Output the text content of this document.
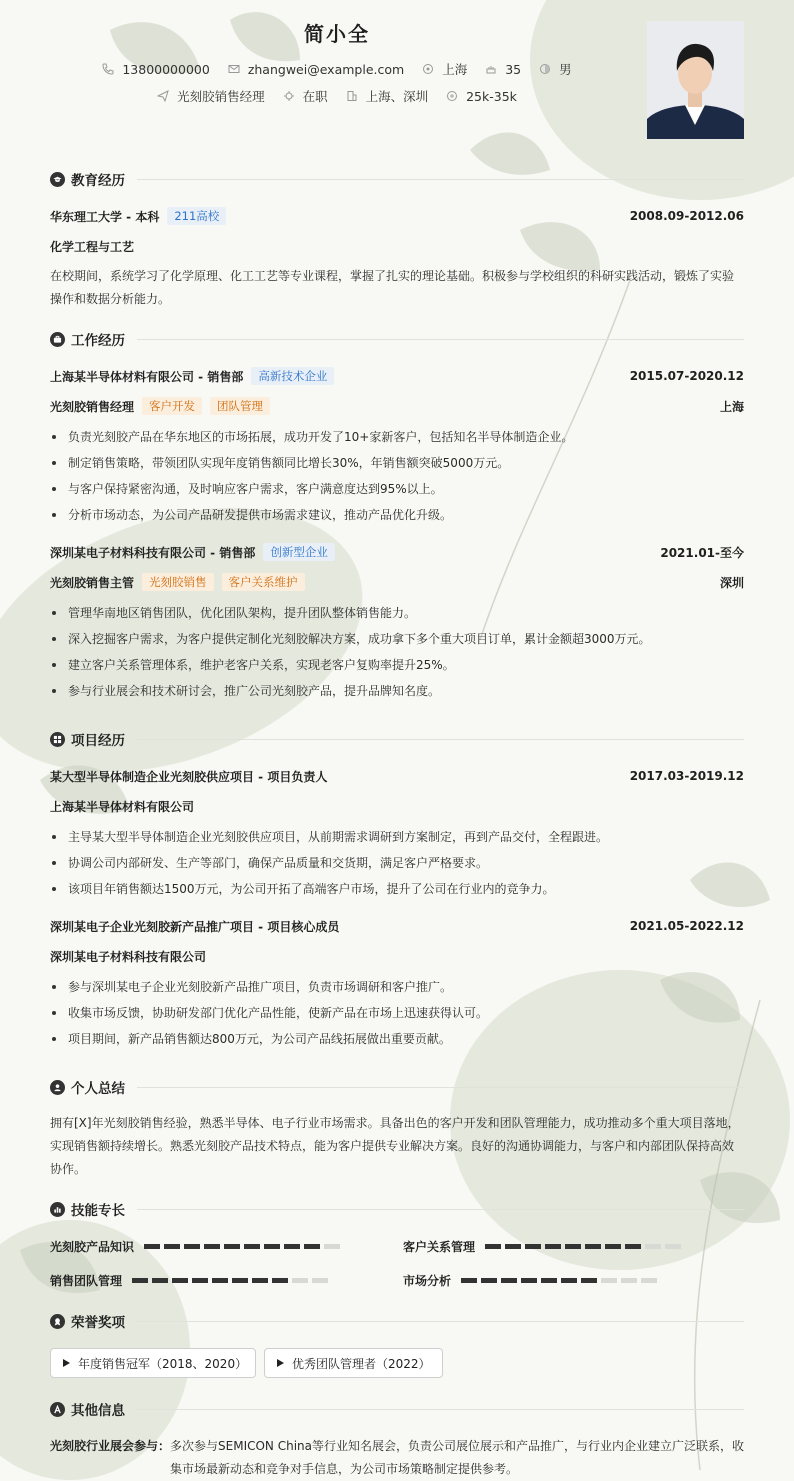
简小全
13800000000	zhangwei@example.com	上海	35	男
光刻胶销售经理	在职	上海、深圳	25k-35k
教育经历
华东理工大学 - 本科	211高校	2008.09-2012.06
化学工程与工艺
在校期间，系统学习了化学原理、化工工艺等专业课程，掌握了扎实的理论基础。积极参与学校组织的科研实践活动，锻炼了实验操作和数据分析能力。
工作经历
上海某半导体材料有限公司 - 销售部	高新技术企业	2015.07-2020.12
光刻胶销售经理	客户开发	团队管理	上海
负责光刻胶产品在华东地区的市场拓展，成功开发了10+家新客户，包括知名半导体制造企业。
制定销售策略，带领团队实现年度销售额同比增长30%，年销售额突破5000万元。
与客户保持紧密沟通，及时响应客户需求，客户满意度达到95%以上。
分析市场动态，为公司产品研发提供市场需求建议，推动产品优化升级。
深圳某电子材料科技有限公司 - 销售部	创新型企业	2021.01-至今
光刻胶销售主管	光刻胶销售	客户关系维护	深圳
管理华南地区销售团队，优化团队架构，提升团队整体销售能力。
深入挖掘客户需求，为客户提供定制化光刻胶解决方案，成功拿下多个重大项目订单，累计金额超3000万元。
建立客户关系管理体系，维护老客户关系，实现老客户复购率提升25%。
参与行业展会和技术研讨会，推广公司光刻胶产品，提升品牌知名度。
项目经历
某大型半导体制造企业光刻胶供应项目 - 项目负责人	2017.03-2019.12
上海某半导体材料有限公司
主导某大型半导体制造企业光刻胶供应项目，从前期需求调研到方案制定，再到产品交付，全程跟进。
协调公司内部研发、生产等部门，确保产品质量和交货期，满足客户严格要求。
该项目年销售额达1500万元，为公司开拓了高端客户市场，提升了公司在行业内的竞争力。
深圳某电子企业光刻胶新产品推广项目 - 项目核心成员	2021.05-2022.12
深圳某电子材料科技有限公司
参与深圳某电子企业光刻胶新产品推广项目，负责市场调研和客户推广。
收集市场反馈，协助研发部门优化产品性能，使新产品在市场上迅速获得认可。
项目期间，新产品销售额达800万元，为公司产品线拓展做出重要贡献。
个人总结
拥有[X]年光刻胶销售经验，熟悉半导体、电子行业市场需求。具备出色的客户开发和团队管理能力，成功推动多个重大项目落地，实现销售额持续增长。熟悉光刻胶产品技术特点，能为客户提供专业解决方案。良好的沟通协调能力，与客户和内部团队保持高效协作。
技能专长
光刻胶产品知识	客户关系管理
销售团队管理	市场分析
荣誉奖项
年度销售冠军（2018、2020）	优秀团队管理者（2022）
其他信息
光刻胶行业展会参与： 多次参与SEMICON China等行业知名展会，负责公司展位展示和产品推广，与行业内企业建立广泛联系，收集市场最新动态和竞争对手信息，为公司市场策略制定提供参考。
